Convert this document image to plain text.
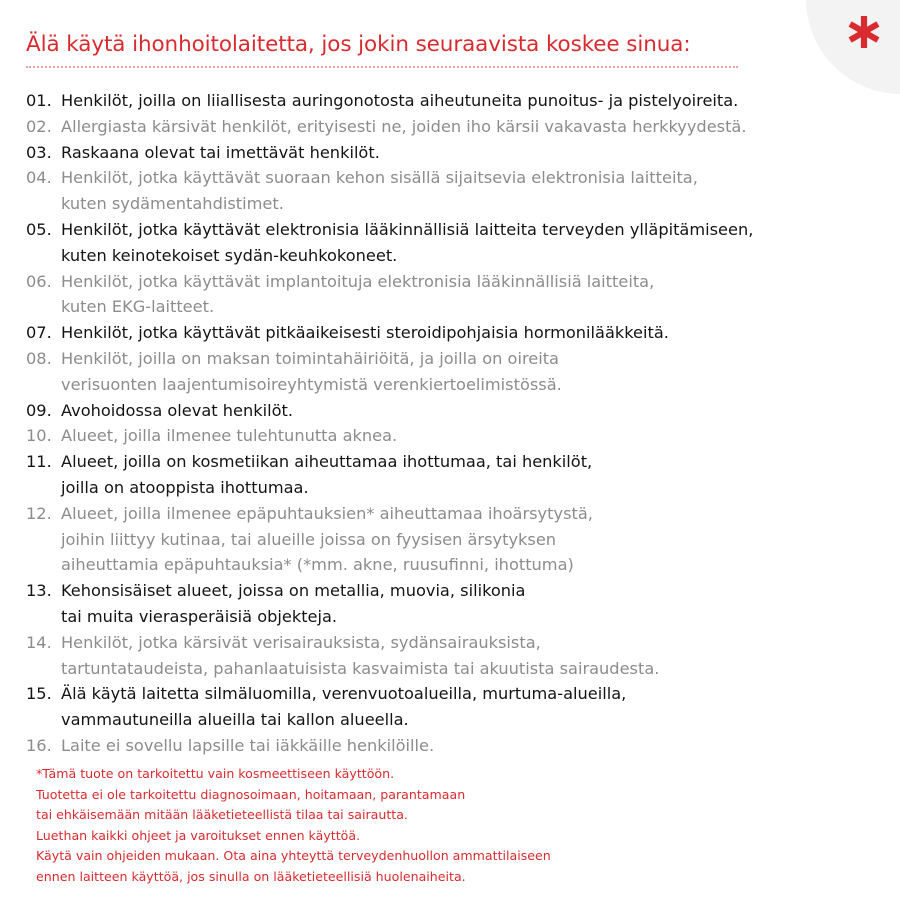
Älä käytä ihonhoitolaitetta, jos jokin seuraavista koskee sinua:
01. Henkilöt, joilla on liiallisesta auringonotosta aiheutuneita punoitus- ja pistelyoireita.
02. Allergiasta kärsivät henkilöt, erityisesti ne, joiden iho kärsii vakavasta herkkyydestä.
03. Raskaana olevat tai imettävät henkilöt.
04. Henkilöt, jotka käyttävät suoraan kehon sisällä sijaitsevia elektronisia laitteita,
kuten sydämentahdistimet.
05. Henkilöt, jotka käyttävät elektronisia lääkinnällisiä laitteita terveyden ylläpitämiseen,
kuten keinotekoiset sydän-keuhkokoneet.
06. Henkilöt, jotka käyttävät implantoituja elektronisia lääkinnällisiä laitteita,
kuten EKG-laitteet.
07. Henkilöt, jotka käyttävät pitkäaikeisesti steroidipohjaisia hormonilääkkeitä.
08. Henkilöt, joilla on maksan toimintahäiriöitä, ja joilla on oireita
verisuonten laajentumisoireyhtymistä verenkiertoelimistössä.
09. Avohoidossa olevat henkilöt.
10. Alueet, joilla ilmenee tulehtunutta aknea.
11. Alueet, joilla on kosmetiikan aiheuttamaa ihottumaa, tai henkilöt,
joilla on atooppista ihottumaa.
12. Alueet, joilla ilmenee epäpuhtauksien* aiheuttamaa ihoärsytystä,
joihin liittyy kutinaa, tai alueille joissa on fyysisen ärsytyksen
aiheuttamia epäpuhtauksia* (*mm. akne, ruusufinni, ihottuma)
13. Kehonsisäiset alueet, joissa on metallia, muovia, silikonia
tai muita vierasperäisiä objekteja.
14. Henkilöt, jotka kärsivät verisairauksista, sydänsairauksista,
tartuntataudeista, pahanlaatuisista kasvaimista tai akuutista sairaudesta.
15. Älä käytä laitetta silmäluomilla, verenvuotoalueilla, murtuma-alueilla,
vammautuneilla alueilla tai kallon alueella.
16. Laite ei sovellu lapsille tai iäkkäille henkilöille.
*Tämä tuote on tarkoitettu vain kosmeettiseen käyttöön.
Tuotetta ei ole tarkoitettu diagnosoimaan, hoitamaan, parantamaan
tai ehkäisemään mitään lääketieteellistä tilaa tai sairautta.
Luethan kaikki ohjeet ja varoitukset ennen käyttöä.
Käytä vain ohjeiden mukaan. Ota aina yhteyttä terveydenhuollon ammattilaiseen
ennen laitteen käyttöä, jos sinulla on lääketieteellisiä huolenaiheita.
